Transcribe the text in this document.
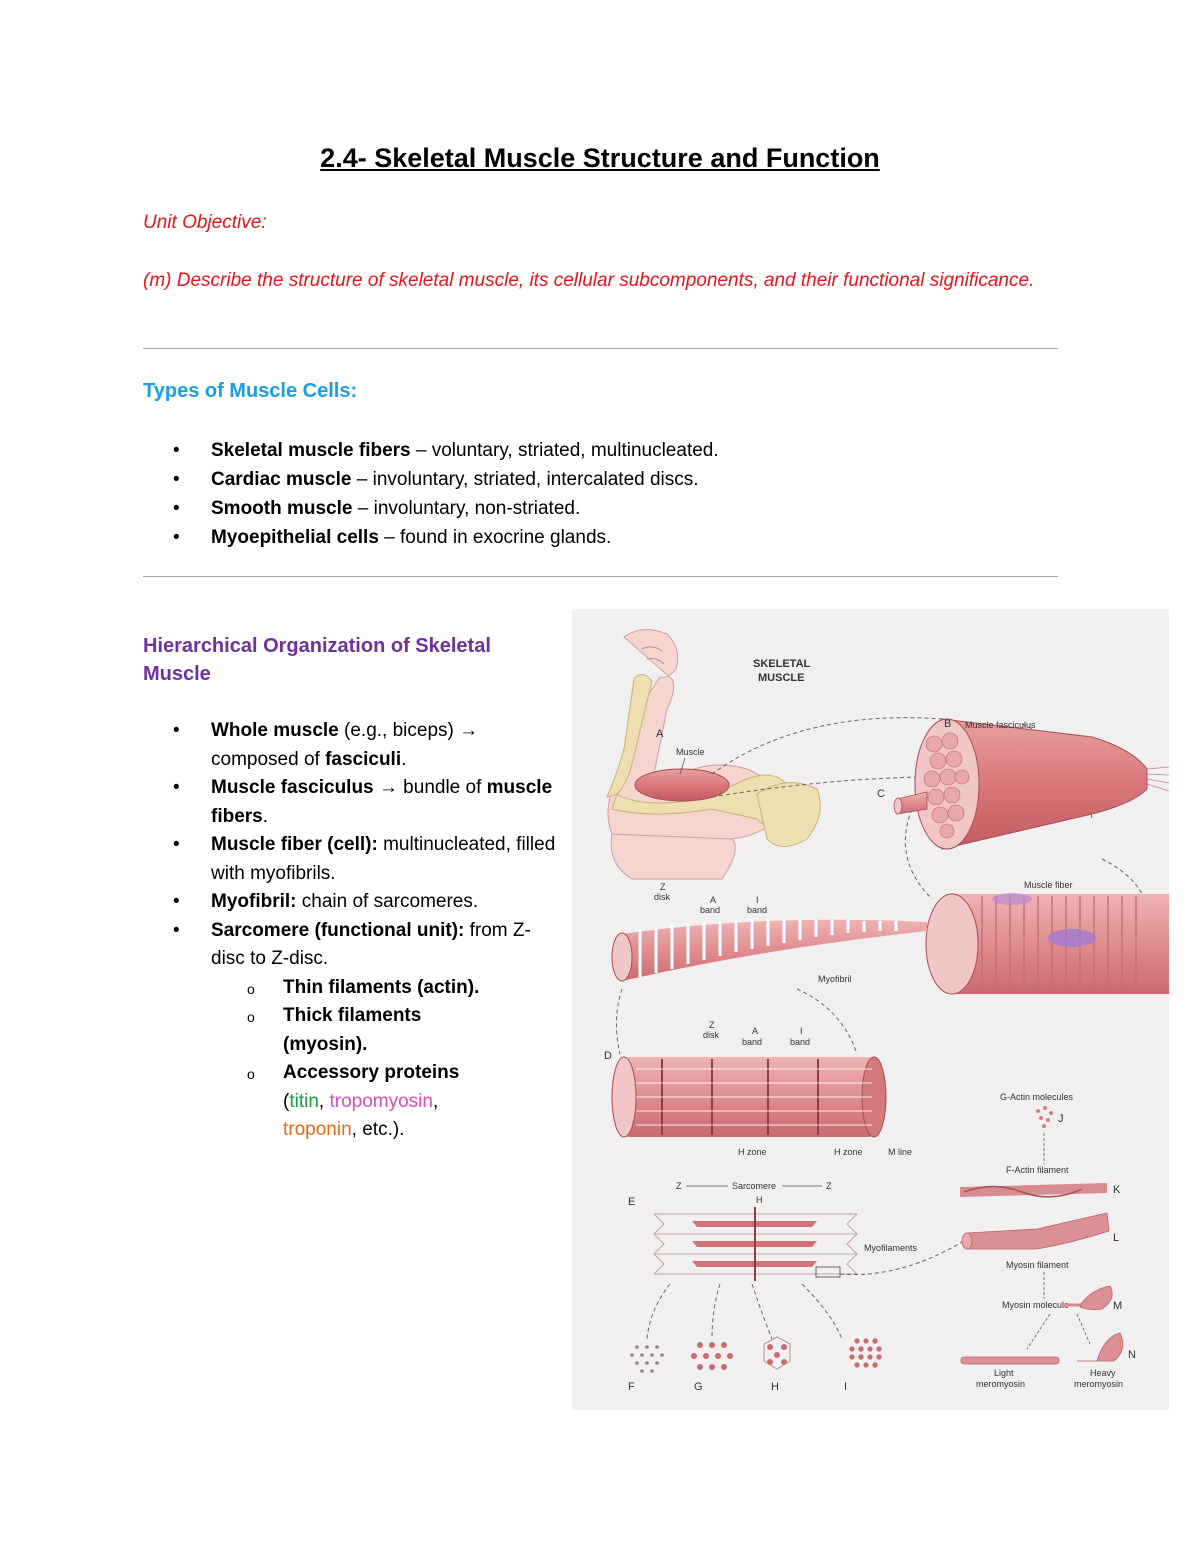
2.4- Skeletal Muscle Structure and Function
Unit Objective:

(m) Describe the structure of skeletal muscle, its cellular subcomponents, and their functional significance.

Types of Muscle Cells:
• Skeletal muscle fibers – voluntary, striated, multinucleated.
• Cardiac muscle – involuntary, striated, intercalated discs.
• Smooth muscle – involuntary, non-striated.
• Myoepithelial cells – found in exocrine glands.

Hierarchical Organization of Skeletal Muscle

• Whole muscle (e.g., biceps) → composed of fasciculi.
• Muscle fasciculus → bundle of muscle fibers.
• Muscle fiber (cell): multinucleated, filled with myofibrils.
• Myofibril: chain of sarcomeres.
• Sarcomere (functional unit): from Z-disc to Z-disc.
o Thin filaments (actin).
o Thick filaments (myosin).
o Accessory proteins (titin, tropomyosin, troponin, etc.).
SKELETAL
MUSCLE
A
Muscle
B Muscle fasciculus
C
Muscle fiber
Z
disk	A
band
I
band
Myofibril
D
Z
disk	A
band
I
band
H zone	H zone	M line
E
Z	Z
Sarcomere
H
Myofilaments
F	G	H	I
G-Actin molecules
J
F-Actin filament
K
L
Myosin filament
Myosin molecule	M
N
Light
meromyosin
Heavy
meromyosin
